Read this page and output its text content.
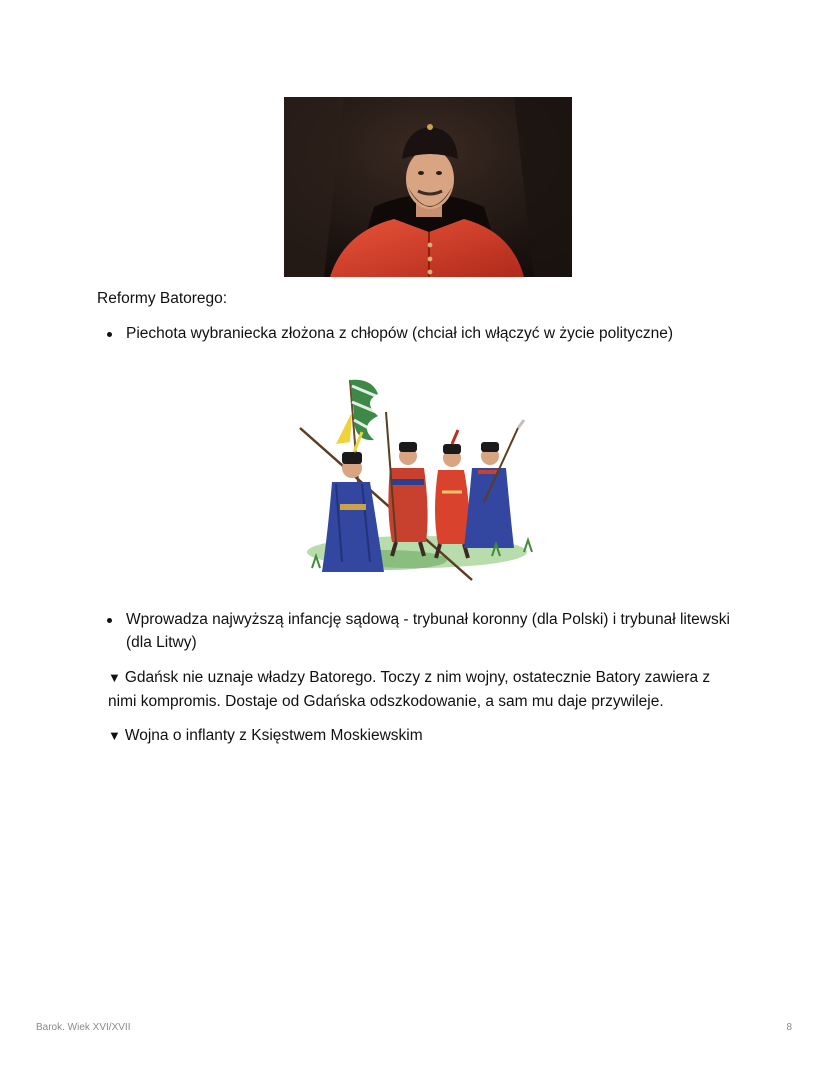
Reformy Batorego:

Piechota wybraniecka złożona z chłopów (chciał ich włączyć w życie polityczne)
Wprowadza najwyższą infancję sądową - trybunał koronny (dla Polski) i trybunał litewski (dla Litwy)

▼ Gdańsk nie uznaje władzy Batorego. Toczy z nim wojny, ostatecznie Batory zawiera z nimi kompromis. Dostaje od Gdańska odszkodowanie, a sam mu daje przywileje.

▼ Wojna o inflanty z Księstwem Moskiewskim

Barok. Wiek XVI/XVII	8
